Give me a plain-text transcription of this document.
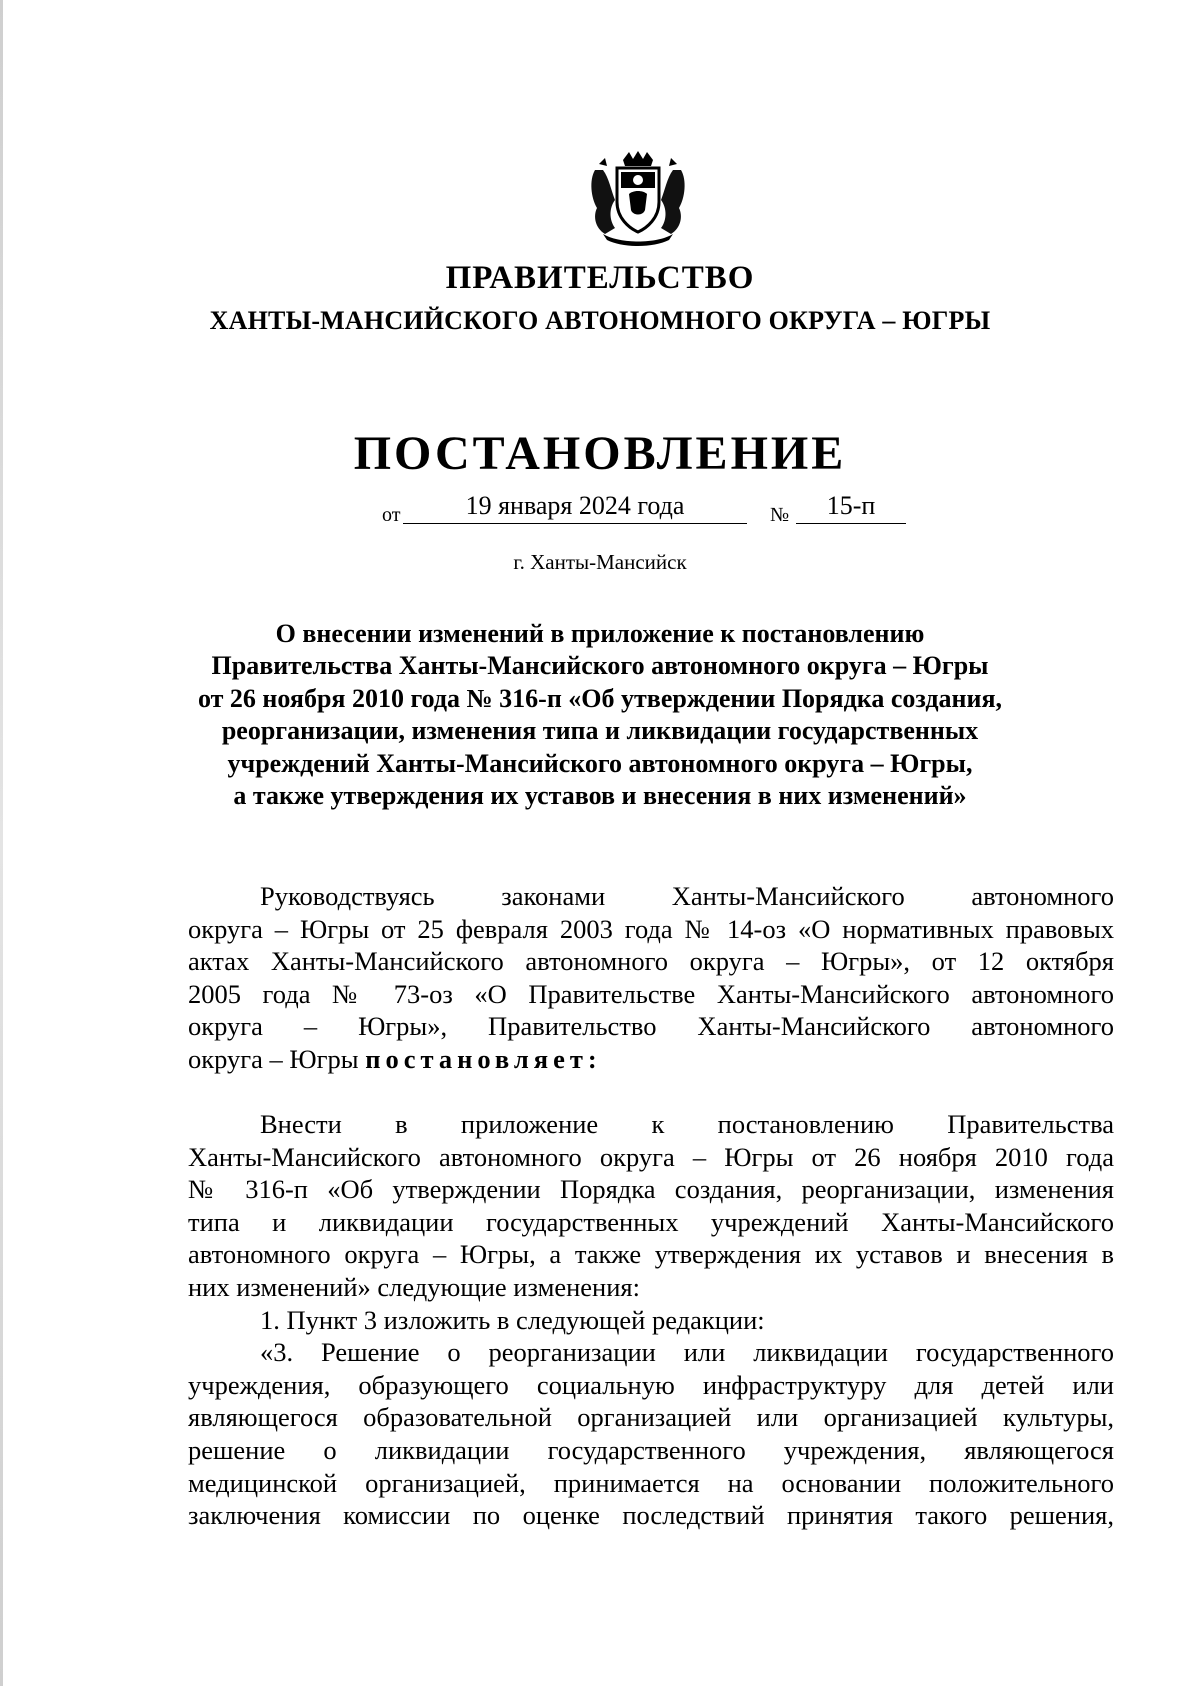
ПРАВИТЕЛЬСТВО
ХАНТЫ-МАНСИЙСКОГО АВТОНОМНОГО ОКРУГА – ЮГРЫ
ПОСТАНОВЛЕНИЕ
от	19 января 2024 года	№	15-п
г. Ханты-Мансийск
О внесении изменений в приложение к постановлению
Правительства Ханты-Мансийского автономного округа – Югры
от 26 ноября 2010 года № 316-п «Об утверждении Порядка создания,
реорганизации, изменения типа и ликвидации государственных
учреждений Ханты-Мансийского автономного округа – Югры,
а также утверждения их уставов и внесения в них изменений»
Руководствуясь законами Ханты-Мансийского автономного
округа – Югры от 25 февраля 2003 года № 14-оз «О нормативных правовых
актах Ханты-Мансийского автономного округа – Югры», от 12 октября
2005 года № 73-оз «О Правительстве Ханты-Мансийского автономного
округа – Югры», Правительство Ханты-Мансийского автономного
округа – Югры постановляет:
Внести в приложение к постановлению Правительства
Ханты-Мансийского автономного округа – Югры от 26 ноября 2010 года
№ 316-п «Об утверждении Порядка создания, реорганизации, изменения
типа и ликвидации государственных учреждений Ханты-Мансийского
автономного округа – Югры, а также утверждения их уставов и внесения в
них изменений» следующие изменения:
1. Пункт 3 изложить в следующей редакции:
«3. Решение о реорганизации или ликвидации государственного
учреждения, образующего социальную инфраструктуру для детей или
являющегося образовательной организацией или организацией культуры,
решение о ликвидации государственного учреждения, являющегося
медицинской организацией, принимается на основании положительного
заключения комиссии по оценке последствий принятия такого решения,
